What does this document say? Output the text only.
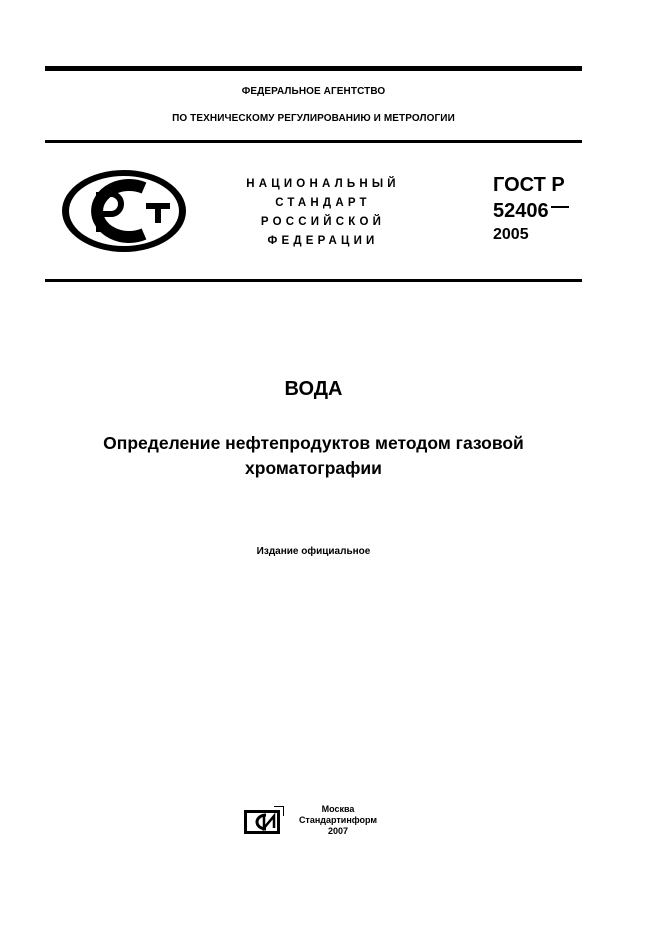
ФЕДЕРАЛЬНОЕ АГЕНТСТВО
ПО ТЕХНИЧЕСКОМУ РЕГУЛИРОВАНИЮ И МЕТРОЛОГИИ
НАЦИОНАЛЬНЫЙ
СТАНДАРТ
РОССИЙСКОЙ
ФЕДЕРАЦИИ
ГОСТ Р
52406
2005
ВОДА
Определение нефтепродуктов методом газовой
хроматографии
Издание официальное
Москва
Стандартинформ
2007
